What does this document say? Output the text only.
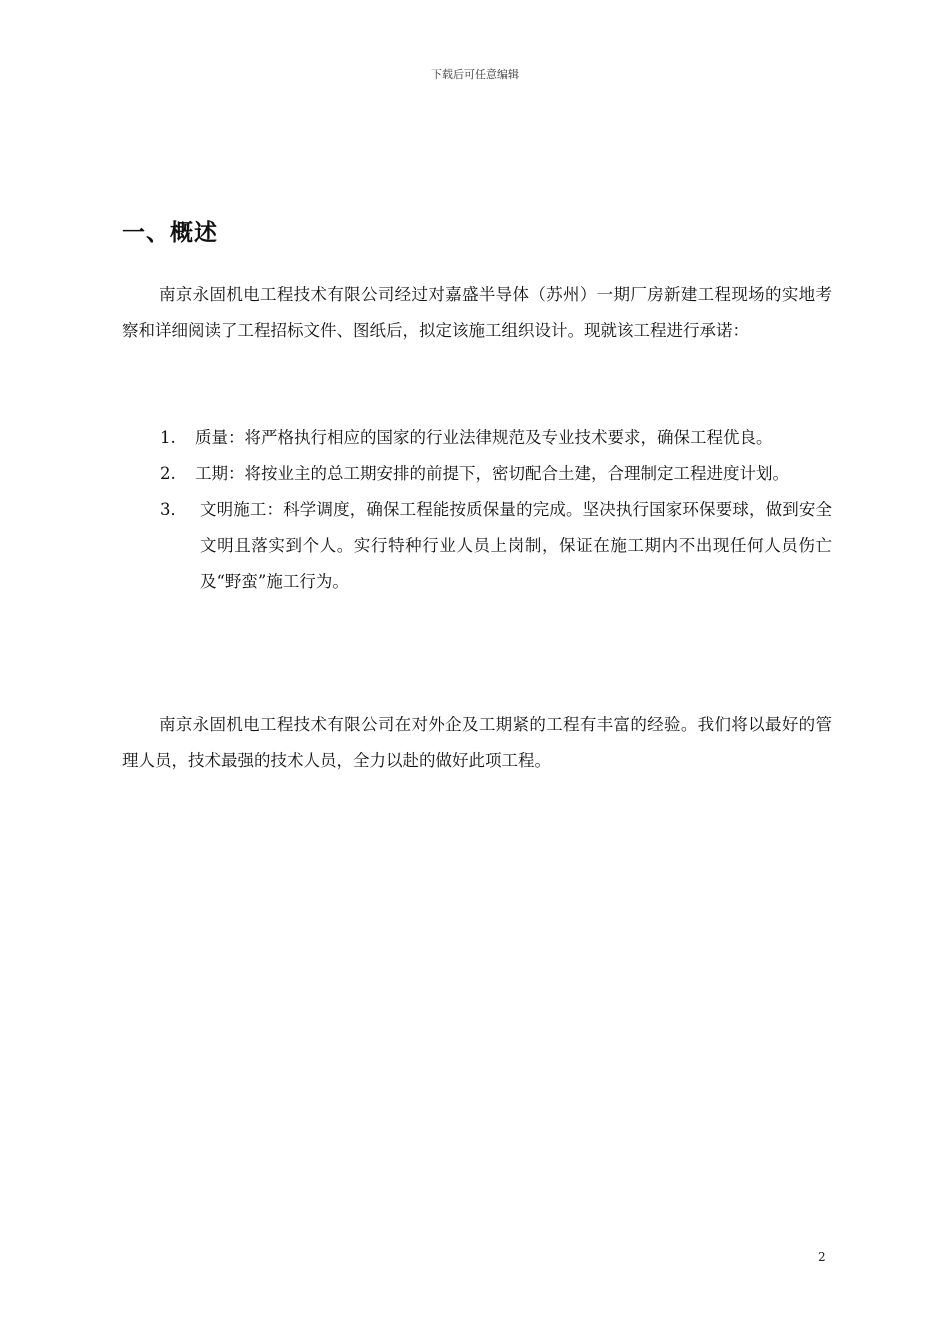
下载后可任意编辑
一、概述

南京永固机电工程技术有限公司经过对嘉盛半导体（苏州）一期厂房新建工程现场的实地考察和详细阅读了工程招标文件、图纸后，拟定该施工组织设计。现就该工程进行承诺：

1. 质量：将严格执行相应的国家的行业法律规范及专业技术要求，确保工程优良。
2. 工期：将按业主的总工期安排的前提下，密切配合土建，合理制定工程进度计划。
3． 文明施工：科学调度，确保工程能按质保量的完成。坚决执行国家环保要球，做到安全文明且落实到个人。实行特种行业人员上岗制，保证在施工期内不出现任何人员伤亡及“野蛮”施工行为。

南京永固机电工程技术有限公司在对外企及工期紧的工程有丰富的经验。我们将以最好的管理人员，技术最强的技术人员，全力以赴的做好此项工程。

2
